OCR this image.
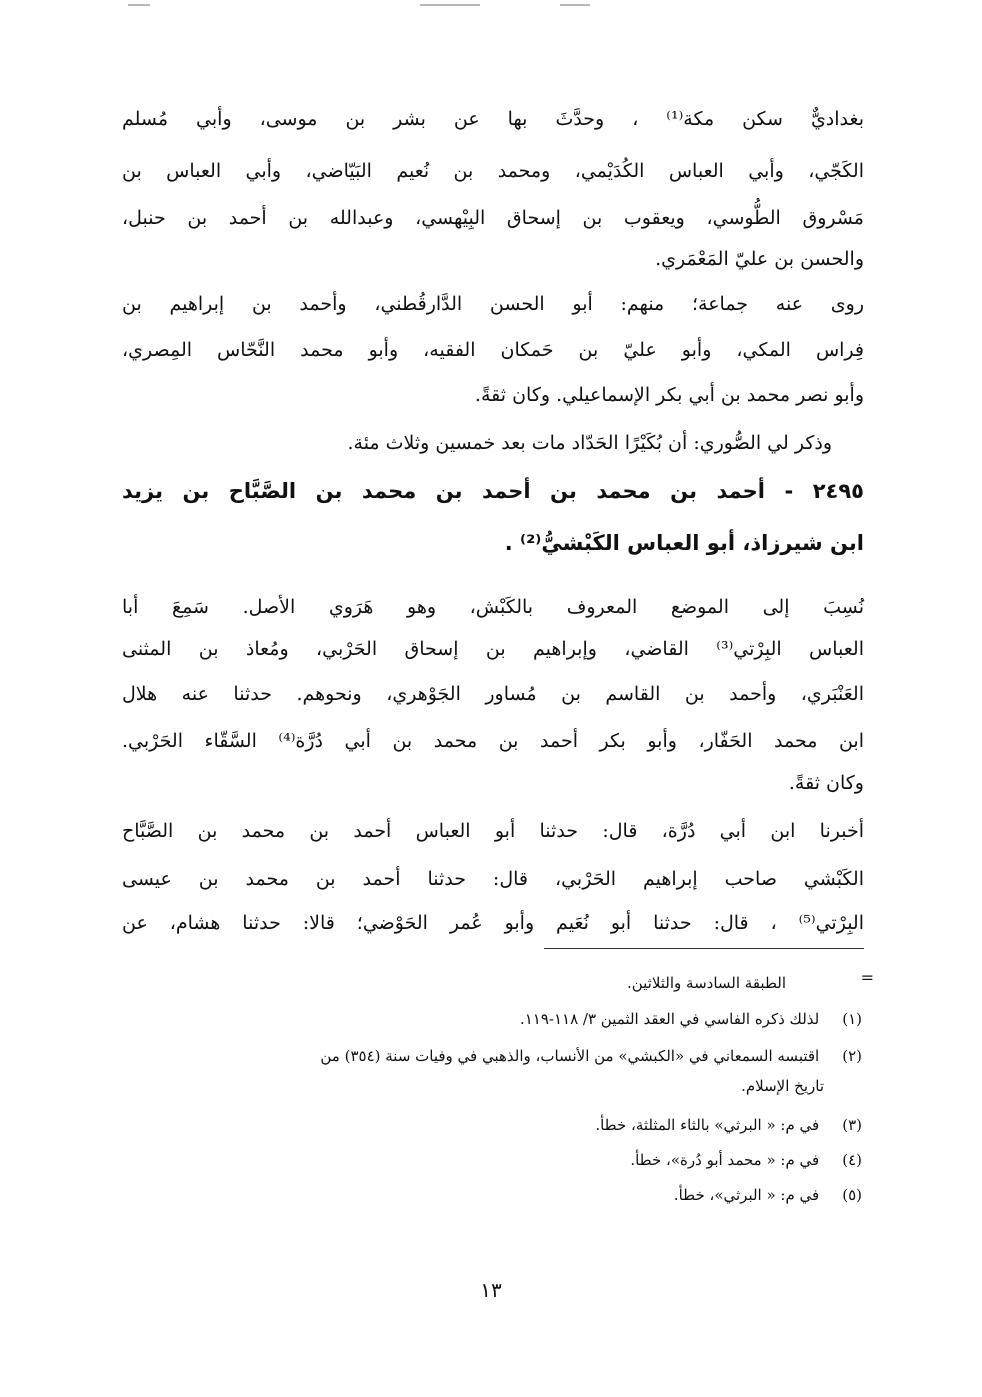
بغداديٌّ سكن مكة⁽¹⁾ ، وحدَّثَ بها عن بشر بن موسى، وأبي مُسلم
الكَجّي، وأبي العباس الكُدَيْمي، ومحمد بن نُعيم البَيّاضي، وأبي العباس بن
مَسْروق الطُّوسي، ويعقوب بن إسحاق البِيْهسي، وعبدالله بن أحمد بن حنبل،
والحسن بن عليّ المَعْمَري.
روى عنه جماعة؛ منهم: أبو الحسن الدَّارقُطني، وأحمد بن إبراهيم بن
فِراس المكي، وأبو عليّ بن حَمكان الفقيه، وأبو محمد النَّحّاس المِصري،
وأبو نصر محمد بن أبي بكر الإسماعيلي. وكان ثقةً.
وذكر لي الصُّوري: أن بُكَيْرًا الحَدّاد مات بعد خمسين وثلاث مئة.
٢٤٩٥ - أحمد بن محمد بن أحمد بن محمد بن الصَّبَّاح بن يزيد
ابن شيرزاذ، أبو العباس الكَبْشيُّ⁽²⁾ .
نُسِبَ إلى الموضع المعروف بالكَبْش، وهو هَرَوي الأصل. سَمِعَ أبا
العباس البِرْتي⁽³⁾ القاضي، وإبراهيم بن إسحاق الحَرْبي، ومُعاذ بن المثنى
العَنْبَري، وأحمد بن القاسم بن مُساور الجَوْهري، ونحوهم. حدثنا عنه هلال
ابن محمد الحَفّار، وأبو بكر أحمد بن محمد بن أبي دُرَّة⁽⁴⁾ السَّقّاء الحَرْبي.
وكان ثقةً.
أخبرنا ابن أبي دُرَّة، قال: حدثنا أبو العباس أحمد بن محمد بن الصَّبَّاح
الكَبْشي صاحب إبراهيم الحَرْبي، قال: حدثنا أحمد بن محمد بن عيسى
البِرْتي⁽⁵⁾ ، قال: حدثنا أبو نُعَيم وأبو عُمر الحَوْضي؛ قالا: حدثنا هشام، عن
=
الطبقة السادسة والثلاثين.
(١) لذلك ذكره الفاسي في العقد الثمين ٣/ ١١٨-١١٩.
(٢) اقتبسه السمعاني في «الكبشي» من الأنساب، والذهبي في وفيات سنة (٣٥٤) من
تاريخ الإسلام.
(٣) في م: « البرثي» بالثاء المثلثة، خطأ.
(٤) في م: « محمد أبو دُرة»، خطأ.
(٥) في م: « البرثي»، خطأ.
١٣
